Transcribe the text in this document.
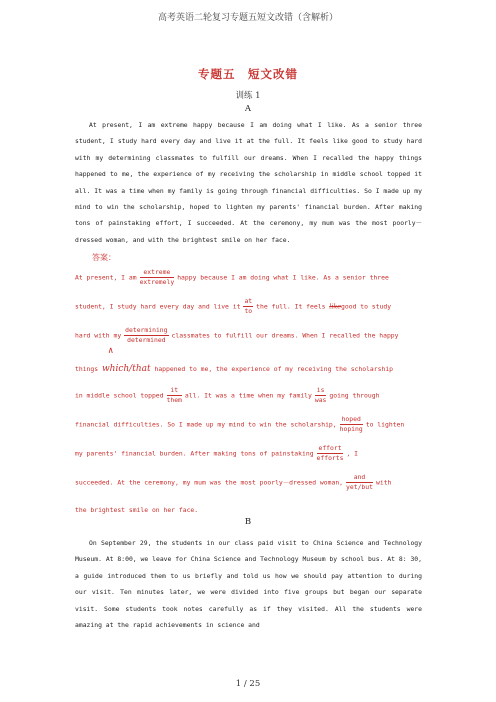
高考英语二轮复习专题五短文改错（含解析）
专题五　短文改错
训练 1
A

At present, I am extreme happy because I am doing what I like. As a senior three student, I study hard every day and live it at the full. It feels like good to study hard with my determining classmates to fulfill our dreams. When I recalled the happy things happened to me, the experience of my receiving the scholarship in middle school topped it all. It was a time when my family is going through financial difficulties. So I made up my mind to win the scholarship, hoped to lighten my parents' financial burden. After making tons of painstaking effort, I succeeded. At the ceremony, my mum was the most poorly－dressed woman, and with the brightest smile on her face.

答案：
At present, I am $\frac{\text{extreme}}{\text{extremely}}$ happy because I am doing what I like. As a senior three
student, I study hard every day and live it $\frac{at}{to}$ the full. It feels likegood to study
hard with my $\frac{\text{determining}}{\text{determined}}$ classmates to fulfill our dreams. When I recalled the happy
∧
things which/that happened to me, the experience of my receiving the scholarship
in middle school topped $\frac{it}{\text{them}}$ all. It was a time when my family $\frac{is}{\text{was}}$ going through
financial difficulties. So I made up my mind to win the scholarship, $\frac{\text{hoped}}{\text{hoping}}$ to lighten
my parents' financial burden. After making tons of painstaking $\frac{\text{effort}}{\text{efforts}}$ , I
succeeded. At the ceremony, my mum was the most poorly－dressed woman, $\frac{\text{and}}{\text{yet/but}}$ with
the brightest smile on her face.
B

On September 29, the students in our class paid visit to China Science and Technology Museum. At 8:00, we leave for China Science and Technology Museum by school bus. At 8: 30, a guide introduced them to us briefly and told us how we should pay attention to during our visit. Ten minutes later, we were divided into five groups but began our separate visit. Some students took notes carefully as if they visited. All the students were amazing at the rapid achievements in science and

1 / 25
